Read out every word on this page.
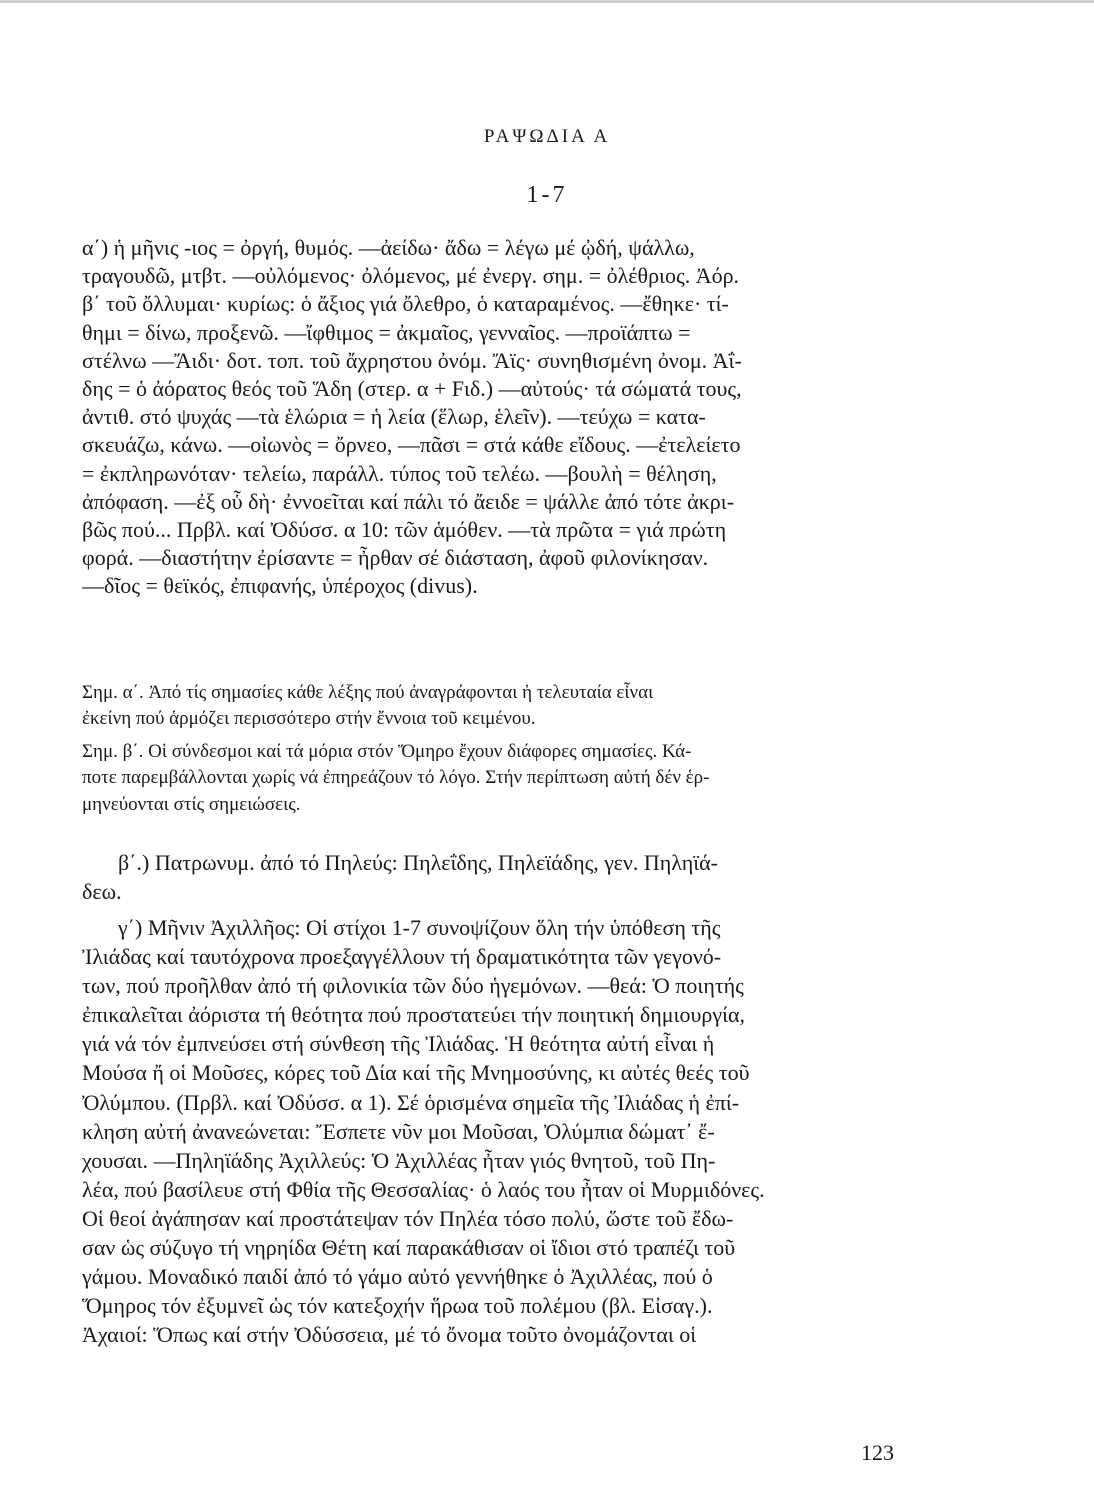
ΡΑΨΩΔΙΑ Α
1-7
α΄) ἡ μῆνις -ιος = ὀργή, θυμός. —ἀείδω· ἄδω = λέγω μέ ᾠδή, ψάλλω,
τραγουδῶ, μτβτ. —οὐλόμενος· ὀλόμενος, μέ ἐνεργ. σημ. = ὀλέθριος. Ἀόρ.
β΄ τοῦ ὄλλυμαι· κυρίως: ὁ ἄξιος γιά ὄλεθρο, ὁ καταραμένος. —ἔθηκε· τί-
θημι = δίνω, προξενῶ. —ἴφθιμος = ἀκμαῖος, γενναῖος. —προϊάπτω =
στέλνω —Ἄιδι· δοτ. τοπ. τοῦ ἄχρηστου ὀνόμ. Ἄϊς· συνηθισμένη ὀνομ. Ἀΐ-
δης = ὁ ἀόρατος θεός τοῦ Ἅδη (στερ. α + Fιδ.) —αὐτούς· τά σώματά τους,
ἀντιθ. στό ψυχάς —τὰ ἑλώρια = ἡ λεία (ἕλωρ, ἑλεῖν). —τεύχω = κατα-
σκευάζω, κάνω. —οἰωνὸς = ὄρνεο, —πᾶσι = στά κάθε εἴδους. —ἐτελείετο
= ἐκπληρωνόταν· τελείω, παράλλ. τύπος τοῦ τελέω. —βουλὴ = θέληση,
ἀπόφαση. —ἐξ οὗ δὴ· ἐννοεῖται καί πάλι τό ἄειδε = ψάλλε ἀπό τότε ἀκρι-
βῶς πού... Πρβλ. καί Ὀδύσσ. α 10: τῶν ἁμόθεν. —τὰ πρῶτα = γιά πρώτη
φορά. —διαστήτην ἐρίσαντε = ἦρθαν σέ διάσταση, ἀφοῦ φιλονίκησαν.
—δῖος = θεϊκός, ἐπιφανής, ὑπέροχος (divus).

Σημ. α΄. Ἀπό τίς σημασίες κάθε λέξης πού ἀναγράφονται ἡ τελευταία εἶναι
ἐκείνη πού ἁρμόζει περισσότερο στήν ἔννοια τοῦ κειμένου.

Σημ. β΄. Οἱ σύνδεσμοι καί τά μόρια στόν Ὅμηρο ἔχουν διάφορες σημασίες. Κά-
ποτε παρεμβάλλονται χωρίς νά ἐπηρεάζουν τό λόγο. Στήν περίπτωση αὐτή δέν ἑρ-
μηνεύονται στίς σημειώσεις.

β΄.) Πατρωνυμ. ἀπό τό Πηλεύς: Πηλεΐδης, Πηλεϊάδης, γεν. Πηληϊά-
δεω.
γ΄) Μῆνιν Ἀχιλλῆος: Οἱ στίχοι 1-7 συνοψίζουν ὅλη τήν ὑπόθεση τῆς
Ἰλιάδας καί ταυτόχρονα προεξαγγέλλουν τή δραματικότητα τῶν γεγονό-
των, πού προῆλθαν ἀπό τή φιλονικία τῶν δύο ἡγεμόνων. —θεά: Ὁ ποιητής
ἐπικαλεῖται ἀόριστα τή θεότητα πού προστατεύει τήν ποιητική δημιουργία,
γιά νά τόν ἐμπνεύσει στή σύνθεση τῆς Ἰλιάδας. Ἡ θεότητα αὐτή εἶναι ἡ
Μούσα ἤ οἱ Μοῦσες, κόρες τοῦ Δία καί τῆς Μνημοσύνης, κι αὐτές θεές τοῦ
Ὀλύμπου. (Πρβλ. καί Ὀδύσσ. α 1). Σέ ὁρισμένα σημεῖα τῆς Ἰλιάδας ἡ ἐπί-
κληση αὐτή ἀνανεώνεται: Ἔσπετε νῦν μοι Μοῦσαι, Ὀλύμπια δώματ᾽ ἔ-
χουσαι. —Πηληϊάδης Ἀχιλλεύς: Ὁ Ἀχιλλέας ἦταν γιός θνητοῦ, τοῦ Πη-
λέα, πού βασίλευε στή Φθία τῆς Θεσσαλίας· ὁ λαός του ἦταν οἱ Μυρμιδόνες.
Οἱ θεοί ἀγάπησαν καί προστάτεψαν τόν Πηλέα τόσο πολύ, ὥστε τοῦ ἔδω-
σαν ὡς σύζυγο τή νηρηίδα Θέτη καί παρακάθισαν οἱ ἴδιοι στό τραπέζι τοῦ
γάμου. Μοναδικό παιδί ἀπό τό γάμο αὐτό γεννήθηκε ὁ Ἀχιλλέας, πού ὁ
Ὅμηρος τόν ἐξυμνεῖ ὡς τόν κατεξοχήν ἥρωα τοῦ πολέμου (βλ. Εἰσαγ.).
Ἀχαιοί: Ὅπως καί στήν Ὀδύσσεια, μέ τό ὄνομα τοῦτο ὀνομάζονται οἱ
123
